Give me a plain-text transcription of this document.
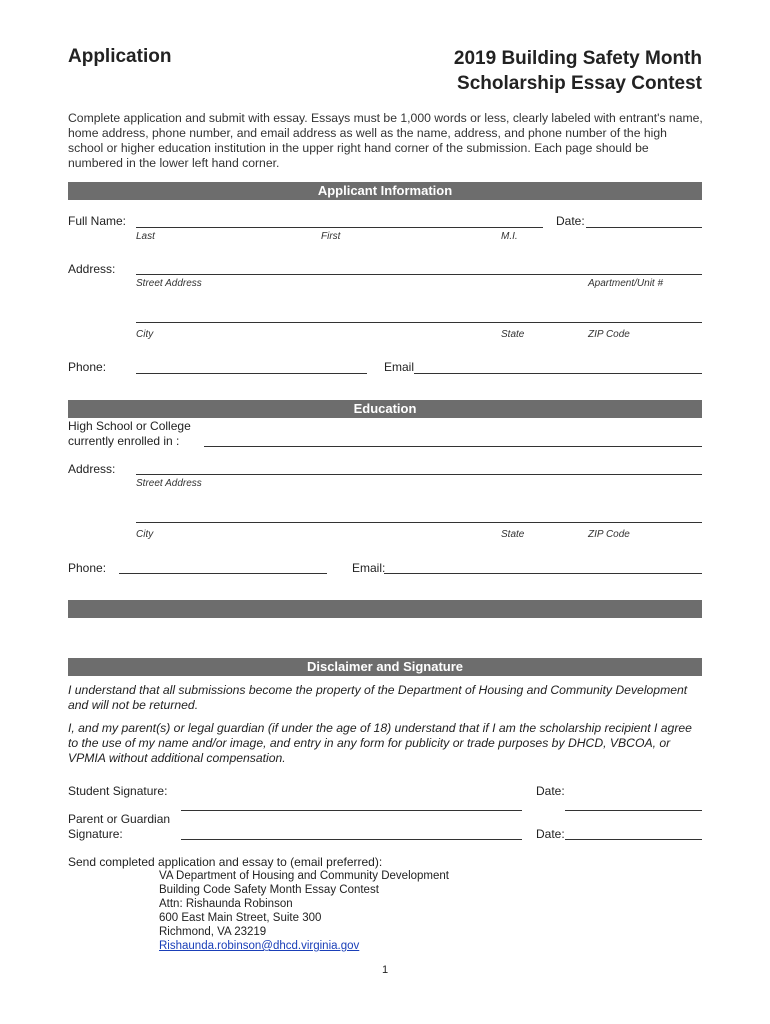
Application	2019 Building Safety Month
Scholarship Essay Contest
Complete application and submit with essay. Essays must be 1,000 words or less, clearly labeled with entrant's name, home address, phone number, and email address as well as the name, address, and phone number of the high school or higher education institution in the upper right hand corner of the submission. Each page should be numbered in the lower left hand corner.
Applicant Information
Full Name:
Last	First	M.I.
Date:
Address:
Street Address	Apartment/Unit #
City	State	ZIP Code
Phone:	Email
Education
High School or College
currently enrolled in :
Address:
Street Address
City	State	ZIP Code
Phone:	Email:
Disclaimer and Signature
I understand that all submissions become the property of the Department of Housing and Community Development and will not be returned.
I, and my parent(s) or legal guardian (if under the age of 18) understand that if I am the scholarship recipient I agree to the use of my name and/or image, and entry in any form for publicity or trade purposes by DHCD, VBCOA, or VPMIA without additional compensation.
Student Signature:	Date:
Parent or Guardian
Signature:	Date:
Send completed application and essay to (email preferred):
VA Department of Housing and Community Development
Building Code Safety Month Essay Contest
Attn: Rishaunda Robinson
600 East Main Street, Suite 300
Richmond, VA 23219
Rishaunda.robinson@dhcd.virginia.gov
1
